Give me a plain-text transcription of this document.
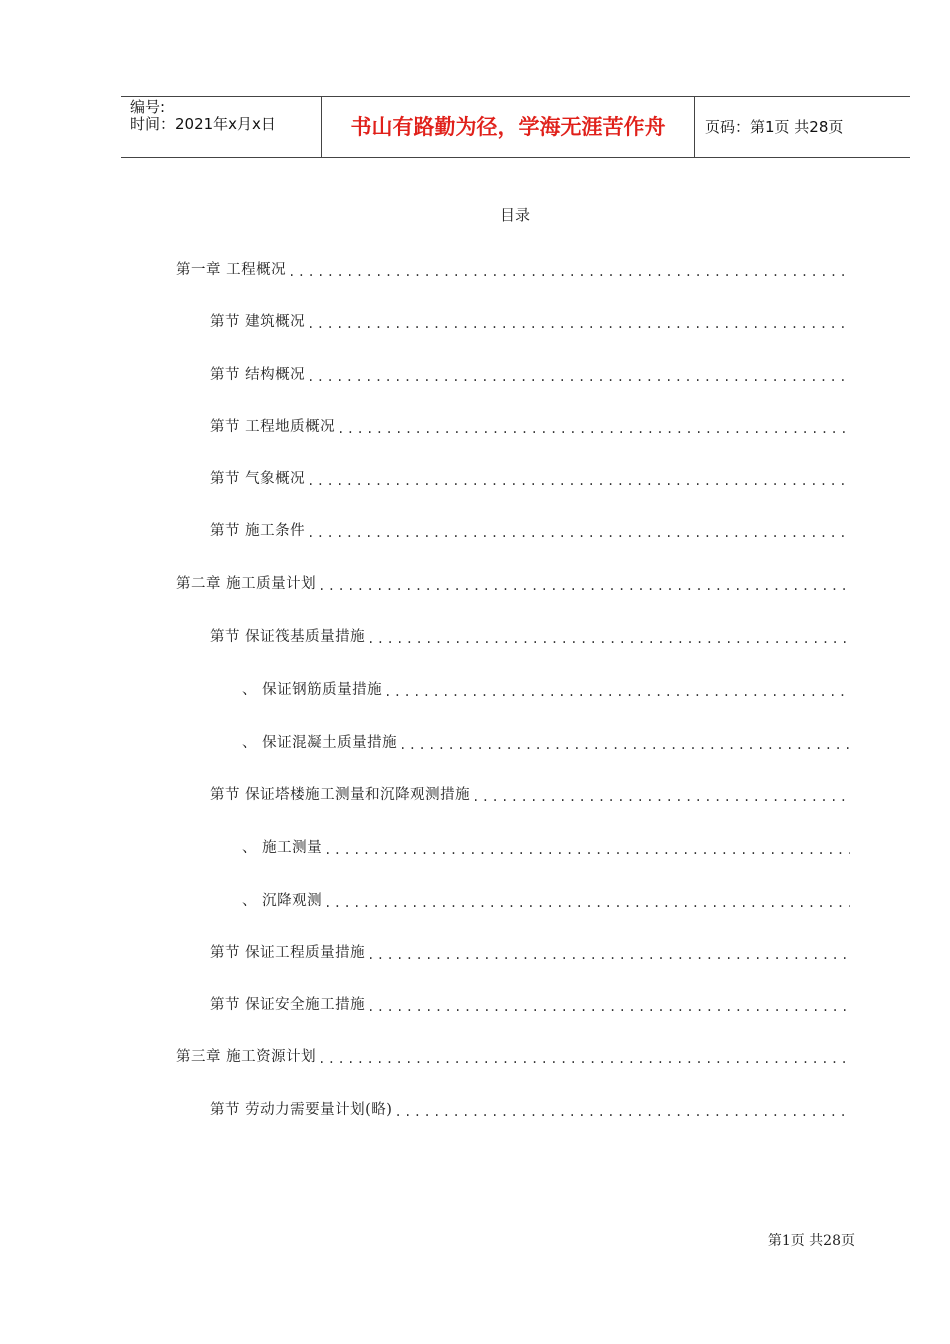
编号:
时间：2021年x月x日	书山有路勤为径，学海无涯苦作舟	页码：第1页 共28页
目录
第一章 工程概况
.....
第节 建筑概况
.....
第节 结构概况
.....
第节 工程地质概况
.....
第节 气象概况
.....
第节 施工条件
.....
第二章 施工质量计划
.....
第节 保证筏基质量措施
.....
、 保证钢筋质量措施
.....
、 保证混凝土质量措施
.....
第节 保证塔楼施工测量和沉降观测措施
.....
、 施工测量
.....
、 沉降观测
.....
第节 保证工程质量措施
.....
第节 保证安全施工措施
.....
第三章 施工资源计划
.....
第节 劳动力需要量计划(略)
.....
第1页 共28页
